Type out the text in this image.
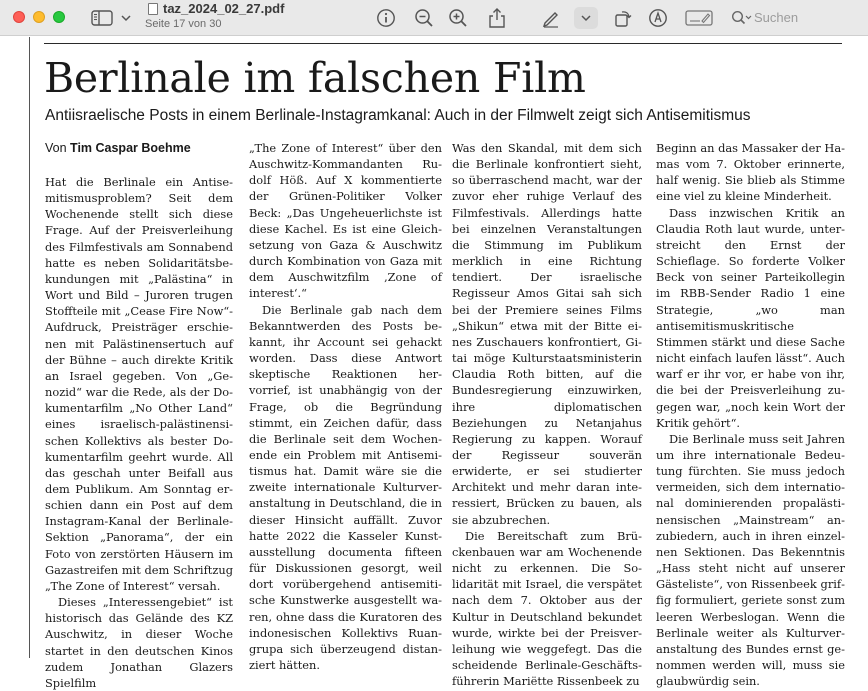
taz_2024_02_27.pdf
Seite 17 von 30	Suchen
Berlinale im falschen Film
Antiisraelische Posts in einem Berlinale-Instagramkanal: Auch in der Filmwelt zeigt sich Antisemitismus
Von Tim Caspar Boehme

Hat die Berlinale ein Antisemitismusproblem? Seit dem Wochenende stellt sich diese Frage. Auf der Preisverleihung des Filmfestivals am Sonnabend hatte es neben Solidaritätsbekundungen mit „Palästina“ in Wort und Bild – Juroren trugen Stoffteile mit „Cease Fire Now“-Aufdruck, Preisträger erschienen mit Palästinensertuch auf der Bühne – auch direkte Kritik an Israel gegeben. Von „Genozid“ war die Rede, als der Dokumentarfilm „No Other Land“ eines israelisch-palästinensischen Kollektivs als bester Dokumentarfilm geehrt wurde. All das geschah unter Beifall aus dem Publikum. Am Sonntag erschien dann ein Post auf dem Instagram-Kanal der Berlinale-Sektion „Panorama“, der ein Foto von zerstörten Häusern im Gazastreifen mit dem Schriftzug „The Zone of Interest“ versah.

Dieses „Interessengebiet“ ist historisch das Gelände des KZ Auschwitz, in dieser Woche startet in den deutschen Kinos zudem Jonathan Glazers Spielfilm

„The Zone of Interest“ über den Auschwitz-Kommandanten Rudolf Höß. Auf X kommentierte der Grünen-Politiker Volker Beck: „Das Ungeheuerlichste ist diese Kachel. Es ist eine Gleichsetzung von Gaza & Auschwitz durch Kombination von Gaza mit dem Auschwitzfilm ‚Zone of interest‘.“

Die Berlinale gab nach dem Bekanntwerden des Posts bekannt, ihr Account sei gehackt worden. Dass diese Antwort skeptische Reaktionen hervorrief, ist unabhängig von der Frage, ob die Begründung stimmt, ein Zeichen dafür, dass die Berlinale seit dem Wochenende ein Problem mit Antisemitismus hat. Damit wäre sie die zweite internationale Kulturveranstaltung in Deutschland, die in dieser Hinsicht auffällt. Zuvor hatte 2022 die Kasseler Kunstausstellung documenta fifteen für Diskussionen gesorgt, weil dort vorübergehend antisemitische Kunstwerke ausgestellt waren, ohne dass die Kuratoren des indonesischen Kollektivs Ruangrupa sich überzeugend distanziert hätten.

Was den Skandal, mit dem sich die Berlinale konfrontiert sieht, so überraschend macht, war der zuvor eher ruhige Verlauf des Filmfestivals. Allerdings hatte bei einzelnen Veranstaltungen die Stimmung im Publikum merklich in eine Richtung tendiert. Der israelische Regisseur Amos Gitai sah sich bei der Premiere seines Films „Shikun“ etwa mit der Bitte eines Zuschauers konfrontiert, Gitai möge Kulturstaatsministerin Claudia Roth bitten, auf die Bundesregierung einzuwirken, ihre diplomatischen Beziehungen zu Netanjahus Regierung zu kappen. Worauf der Regisseur souverän erwiderte, er sei studierter Architekt und mehr daran interessiert, Brücken zu bauen, als sie abzubrechen.

Die Bereitschaft zum Brückenbauen war am Wochenende nicht zu erkennen. Die Solidarität mit Israel, die verspätet nach dem 7. Oktober aus der Kultur in Deutschland bekundet wurde, wirkte bei der Preisverleihung wie weggefegt. Das die scheidende Berlinale-Geschäftsführerin Mariëtte Rissenbeek zu

Beginn an das Massaker der Hamas vom 7. Oktober erinnerte, half wenig. Sie blieb als Stimme eine viel zu kleine Minderheit.

Dass inzwischen Kritik an Claudia Roth laut wurde, unterstreicht den Ernst der Schieflage. So forderte Volker Beck von seiner Parteikollegin im RBB-Sender Radio 1 eine Strategie, „wo man antisemitismuskritische Stimmen stärkt und diese Sache nicht einfach laufen lässt“. Auch warf er ihr vor, er habe von ihr, die bei der Preisverleihung zugegen war, „noch kein Wort der Kritik gehört“.

Die Berlinale muss seit Jahren um ihre internationale Bedeutung fürchten. Sie muss jedoch vermeiden, sich dem international dominierenden propalästinensischen „Mainstream“ anzubiedern, auch in ihren einzelnen Sektionen. Das Bekenntnis „Hass steht nicht auf unserer Gästeliste“, von Rissenbeek griffig formuliert, geriete sonst zum leeren Werbeslogan. Wenn die Berlinale weiter als Kulturveranstaltung des Bundes ernst genommen werden will, muss sie glaubwürdig sein.
